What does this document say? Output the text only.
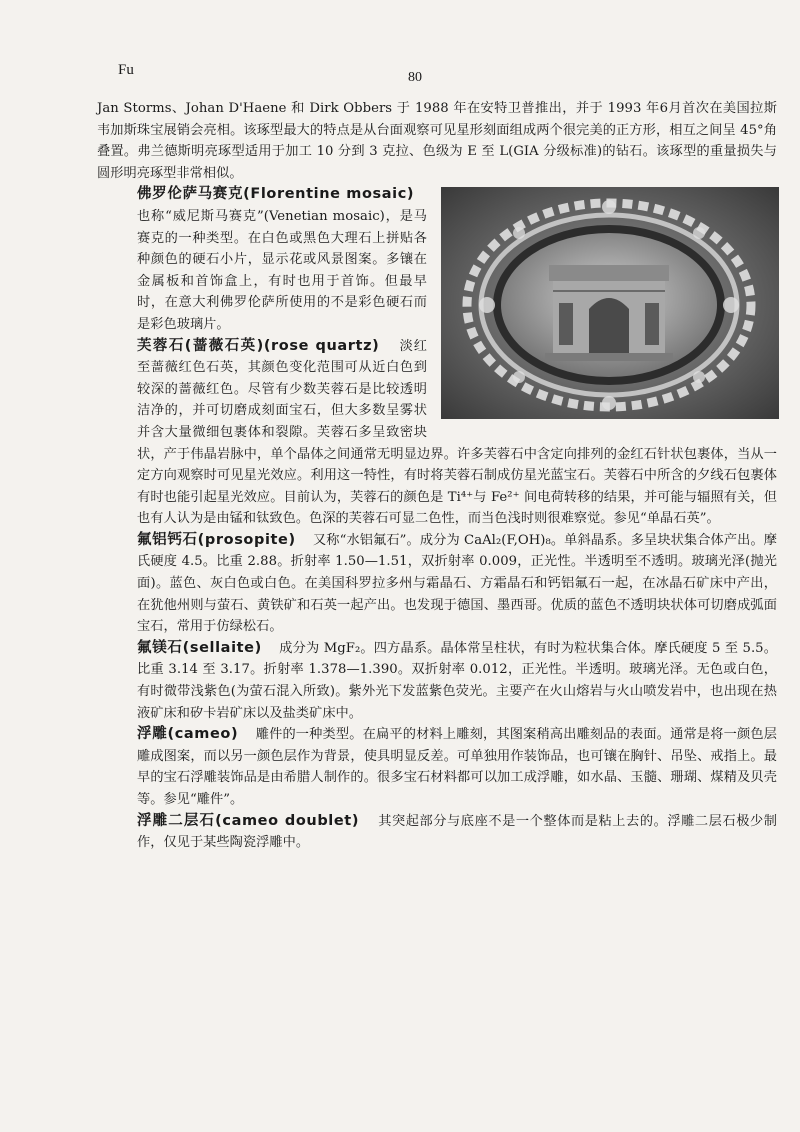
Fu	80

Jan Storms、Johan D'Haene 和 Dirk Obbers 于 1988 年在安特卫普推出，并于 1993 年6月首次在美国拉斯韦加斯珠宝展销会亮相。该琢型最大的特点是从台面观察可见星形刻面组成两个很完美的正方形，相互之间呈 45°角叠置。弗兰德斯明亮琢型适用于加工 10 分到 3 克拉、色级为 E 至 L(GIA 分级标准)的钻石。该琢型的重量损失与圆形明亮琢型非常相似。

佛罗伦萨马赛克(Florentine mosaic)    也称“威尼斯马赛克”(Venetian mosaic)，是马赛克的一种类型。在白色或黑色大理石上拼贴各种颜色的硬石小片，显示花或风景图案。多镶在金属板和首饰盒上，有时也用于首饰。但最早时，在意大利佛罗伦萨所使用的不是彩色硬石而是彩色玻璃片。

芙蓉石(蔷薇石英)(rose quartz) 淡红至蔷薇红色石英，其颜色变化范围可从近白色到较深的蔷薇红色。尽管有少数芙蓉石是比较透明洁净的，并可切磨成刻面宝石，但大多数呈雾状并含大量微细包裹体和裂隙。芙蓉石多呈致密块状，产于伟晶岩脉中，单个晶体之间通常无明显边界。许多芙蓉石中含定向排列的金红石针状包裹体，当从一定方向观察时可见星光效应。利用这一特性，有时将芙蓉石制成仿星光蓝宝石。芙蓉石中所含的夕线石包裹体有时也能引起星光效应。目前认为，芙蓉石的颜色是 Ti⁴⁺与 Fe²⁺ 间电荷转移的结果，并可能与辐照有关，但也有人认为是由锰和钛致色。色深的芙蓉石可显二色性，而当色浅时则很难察觉。参见“单晶石英”。

氟铝钙石(prosopite) 又称“水铝氟石”。成分为 CaAl₂(F,OH)₈。单斜晶系。多呈块状集合体产出。摩氏硬度 4.5。比重 2.88。折射率 1.50—1.51，双折射率 0.009，正光性。半透明至不透明。玻璃光泽(抛光面)。蓝色、灰白色或白色。在美国科罗拉多州与霜晶石、方霜晶石和钙铝氟石一起，在冰晶石矿床中产出，在犹他州则与萤石、黄铁矿和石英一起产出。也发现于德国、墨西哥。优质的蓝色不透明块状体可切磨成弧面宝石，常用于仿绿松石。

氟镁石(sellaite) 成分为 MgF₂。四方晶系。晶体常呈柱状，有时为粒状集合体。摩氏硬度 5 至 5.5。比重 3.14 至 3.17。折射率 1.378—1.390。双折射率 0.012，正光性。半透明。玻璃光泽。无色或白色，有时微带浅紫色(为萤石混入所致)。紫外光下发蓝紫色荧光。主要产在火山熔岩与火山喷发岩中，也出现在热液矿床和矽卡岩矿床以及盐类矿床中。

浮雕(cameo) 雕件的一种类型。在扁平的材料上雕刻，其图案稍高出雕刻品的表面。通常是将一颜色层雕成图案，而以另一颜色层作为背景，使具明显反差。可单独用作装饰品，也可镶在胸针、吊坠、戒指上。最早的宝石浮雕装饰品是由希腊人制作的。很多宝石材料都可以加工成浮雕，如水晶、玉髓、珊瑚、煤精及贝壳等。参见“雕件”。

浮雕二层石(cameo doublet) 其突起部分与底座不是一个整体而是粘上去的。浮雕二层石极少制作，仅见于某些陶瓷浮雕中。
